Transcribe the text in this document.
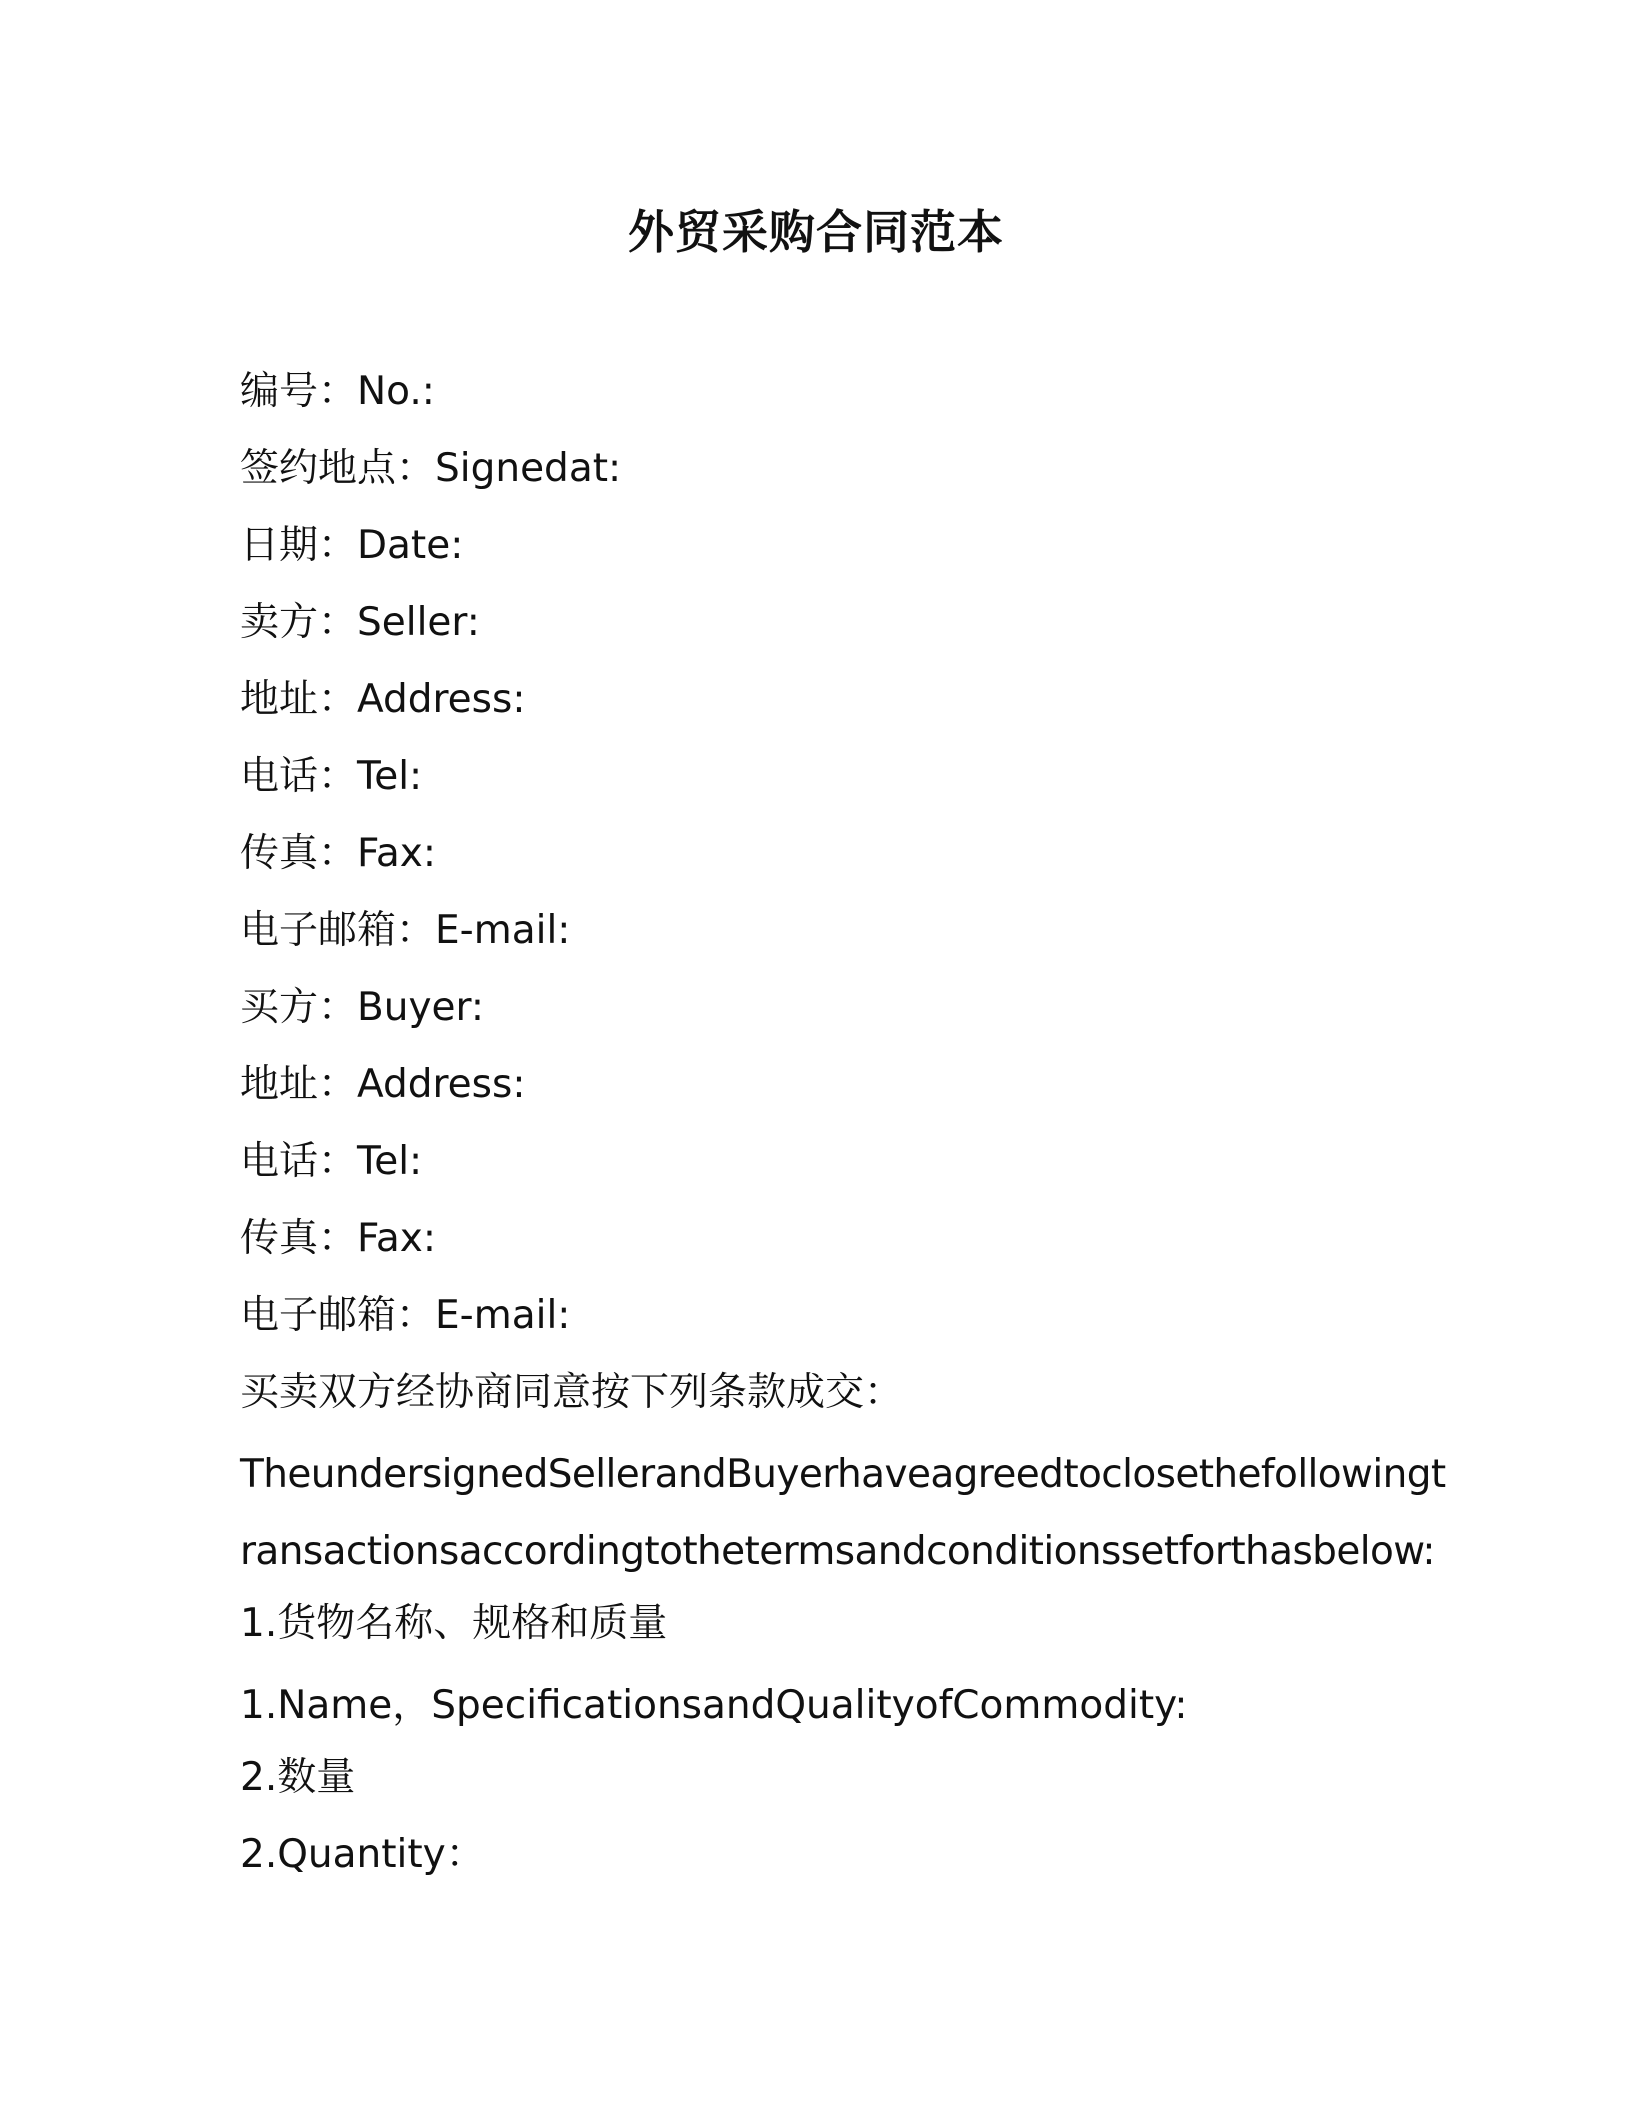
外贸采购合同范本
编号：No.:
签约地点：Signedat:
日期：Date:
卖方：Seller:
地址：Address:
电话：Tel:
传真：Fax:
电子邮箱：E-mail:
买方：Buyer:
地址：Address:
电话：Tel:
传真：Fax:
电子邮箱：E-mail:
买卖双方经协商同意按下列条款成交：
TheundersignedSellerandBuyerhaveagreedtoclosethefollowingt
ransactionsaccordingtothetermsandconditionssetforthasbelow:
1.货物名称、规格和质量
1.Name，SpecificationsandQualityofCommodity:
2.数量
2.Quantity：
